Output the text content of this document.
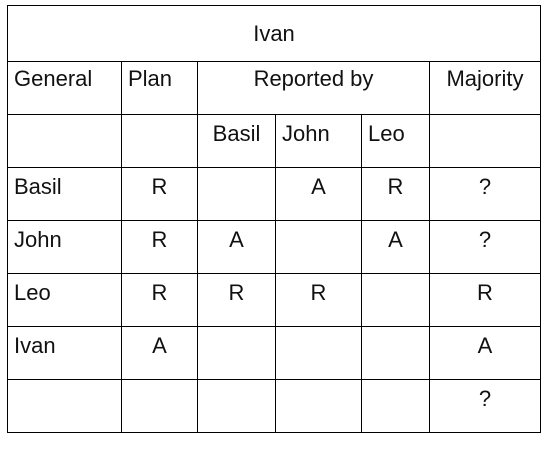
Ivan					
General	Plan	Reported by			Majority
		Basil	John	Leo	
Basil	R		A	R	?
John	R	A		A	?
Leo	R	R	R		R
Ivan	A				A
					?
